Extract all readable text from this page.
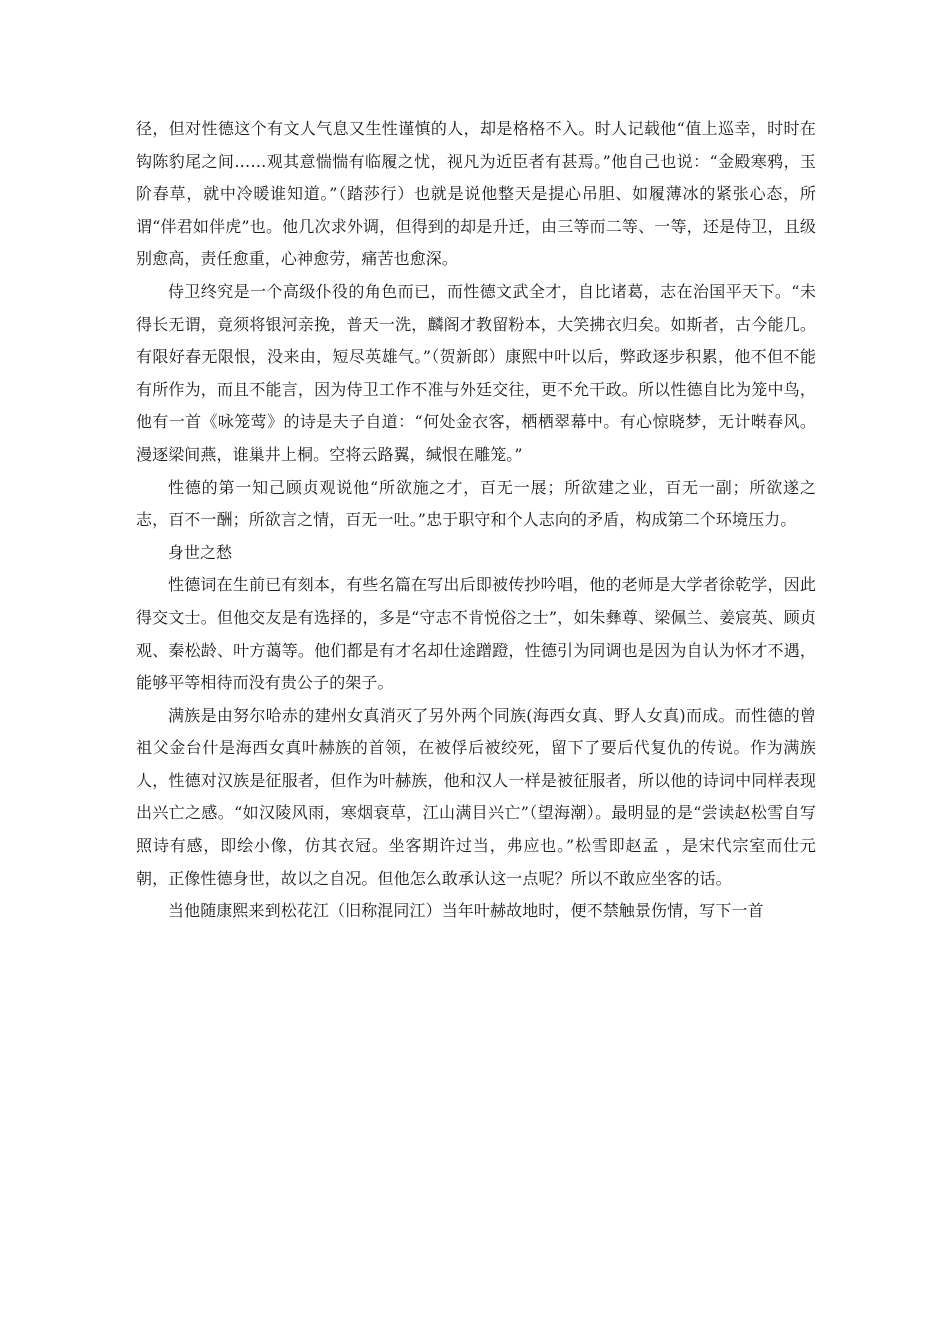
径，但对性德这个有文人气息又生性谨慎的人，却是格格不入。时人记载他“值上巡幸，时时在钩陈豹尾之间……观其意惴惴有临履之忧，视凡为近臣者有甚焉。”他自己也说：“金殿寒鸦，玉阶春草，就中冷暖谁知道。”（踏莎行）也就是说他整天是提心吊胆、如履薄冰的紧张心态，所谓“伴君如伴虎”也。他几次求外调，但得到的却是升迁，由三等而二等、一等，还是侍卫，且级别愈高，责任愈重，心神愈劳，痛苦也愈深。

侍卫终究是一个高级仆役的角色而已，而性德文武全才，自比诸葛，志在治国平天下。“未得长无谓，竟须将银河亲挽，普天一洗，麟阁才教留粉本，大笑拂衣归矣。如斯者，古今能几。有限好春无限恨，没来由，短尽英雄气。”（贺新郎）康熙中叶以后，弊政逐步积累，他不但不能有所作为，而且不能言，因为侍卫工作不准与外廷交往，更不允干政。所以性德自比为笼中鸟，他有一首《咏笼莺》的诗是夫子自道：“何处金衣客，栖栖翠幕中。有心惊晓梦，无计啭春风。漫逐梁间燕，谁巢井上桐。空将云路翼，缄恨在雕笼。”

性德的第一知己顾贞观说他“所欲施之才，百无一展；所欲建之业，百无一副；所欲遂之志，百不一酬；所欲言之情，百无一吐。”忠于职守和个人志向的矛盾，构成第二个环境压力。

身世之愁

性德词在生前已有刻本，有些名篇在写出后即被传抄吟唱，他的老师是大学者徐乾学，因此得交文士。但他交友是有选择的，多是“守志不肯悦俗之士”，如朱彝尊、梁佩兰、姜宸英、顾贞观、秦松龄、叶方蔼等。他们都是有才名却仕途蹭蹬，性德引为同调也是因为自认为怀才不遇，能够平等相待而没有贵公子的架子。

满族是由努尔哈赤的建州女真消灭了另外两个同族(海西女真、野人女真)而成。而性德的曾祖父金台什是海西女真叶赫族的首领，在被俘后被绞死，留下了要后代复仇的传说。作为满族人，性德对汉族是征服者，但作为叶赫族，他和汉人一样是被征服者，所以他的诗词中同样表现出兴亡之感。“如汉陵风雨，寒烟衰草，江山满目兴亡”（望海潮）。最明显的是“尝读赵松雪自写照诗有感，即绘小像，仿其衣冠。坐客期许过当，弗应也。”松雪即赵孟 ，是宋代宗室而仕元朝，正像性德身世，故以之自况。但他怎么敢承认这一点呢？所以不敢应坐客的话。

当他随康熙来到松花江（旧称混同江）当年叶赫故地时，便不禁触景伤情，写下一首
